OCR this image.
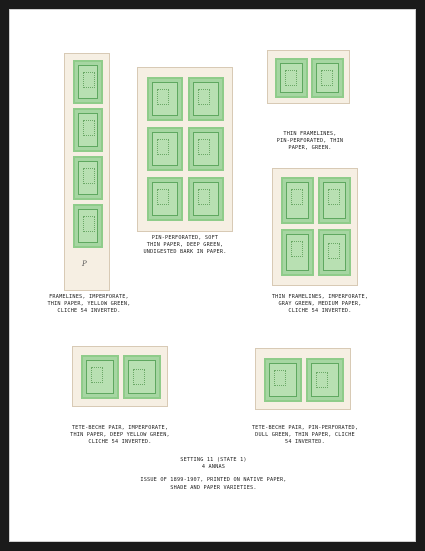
P
FRAMELINES, IMPERFORATE,
THIN PAPER, YELLOW GREEN,
CLICHE 54 INVERTED.
PIN-PERFORATED, SOFT
THIN PAPER, DEEP GREEN,
UNDIGESTED BARK IN PAPER.
THIN FRAMELINES,
PIN-PERFORATED, THIN
PAPER, GREEN.
THIN FRAMELINES, IMPERFORATE,
GRAY GREEN, MEDIUM PAPER,
CLICHE 54 INVERTED.
TETE-BECHE PAIR, IMPERFORATE,
THIN PAPER, DEEP YELLOW GREEN,
CLICHE 54 INVERTED.
TETE-BECHE PAIR, PIN-PERFORATED,
DULL GREEN, THIN PAPER, CLICHE
54 INVERTED.
SETTING 11 (STATE 1)
4 ANNAS
ISSUE OF 1899-1907, PRINTED ON NATIVE PAPER,
SHADE AND PAPER VARIETIES.
